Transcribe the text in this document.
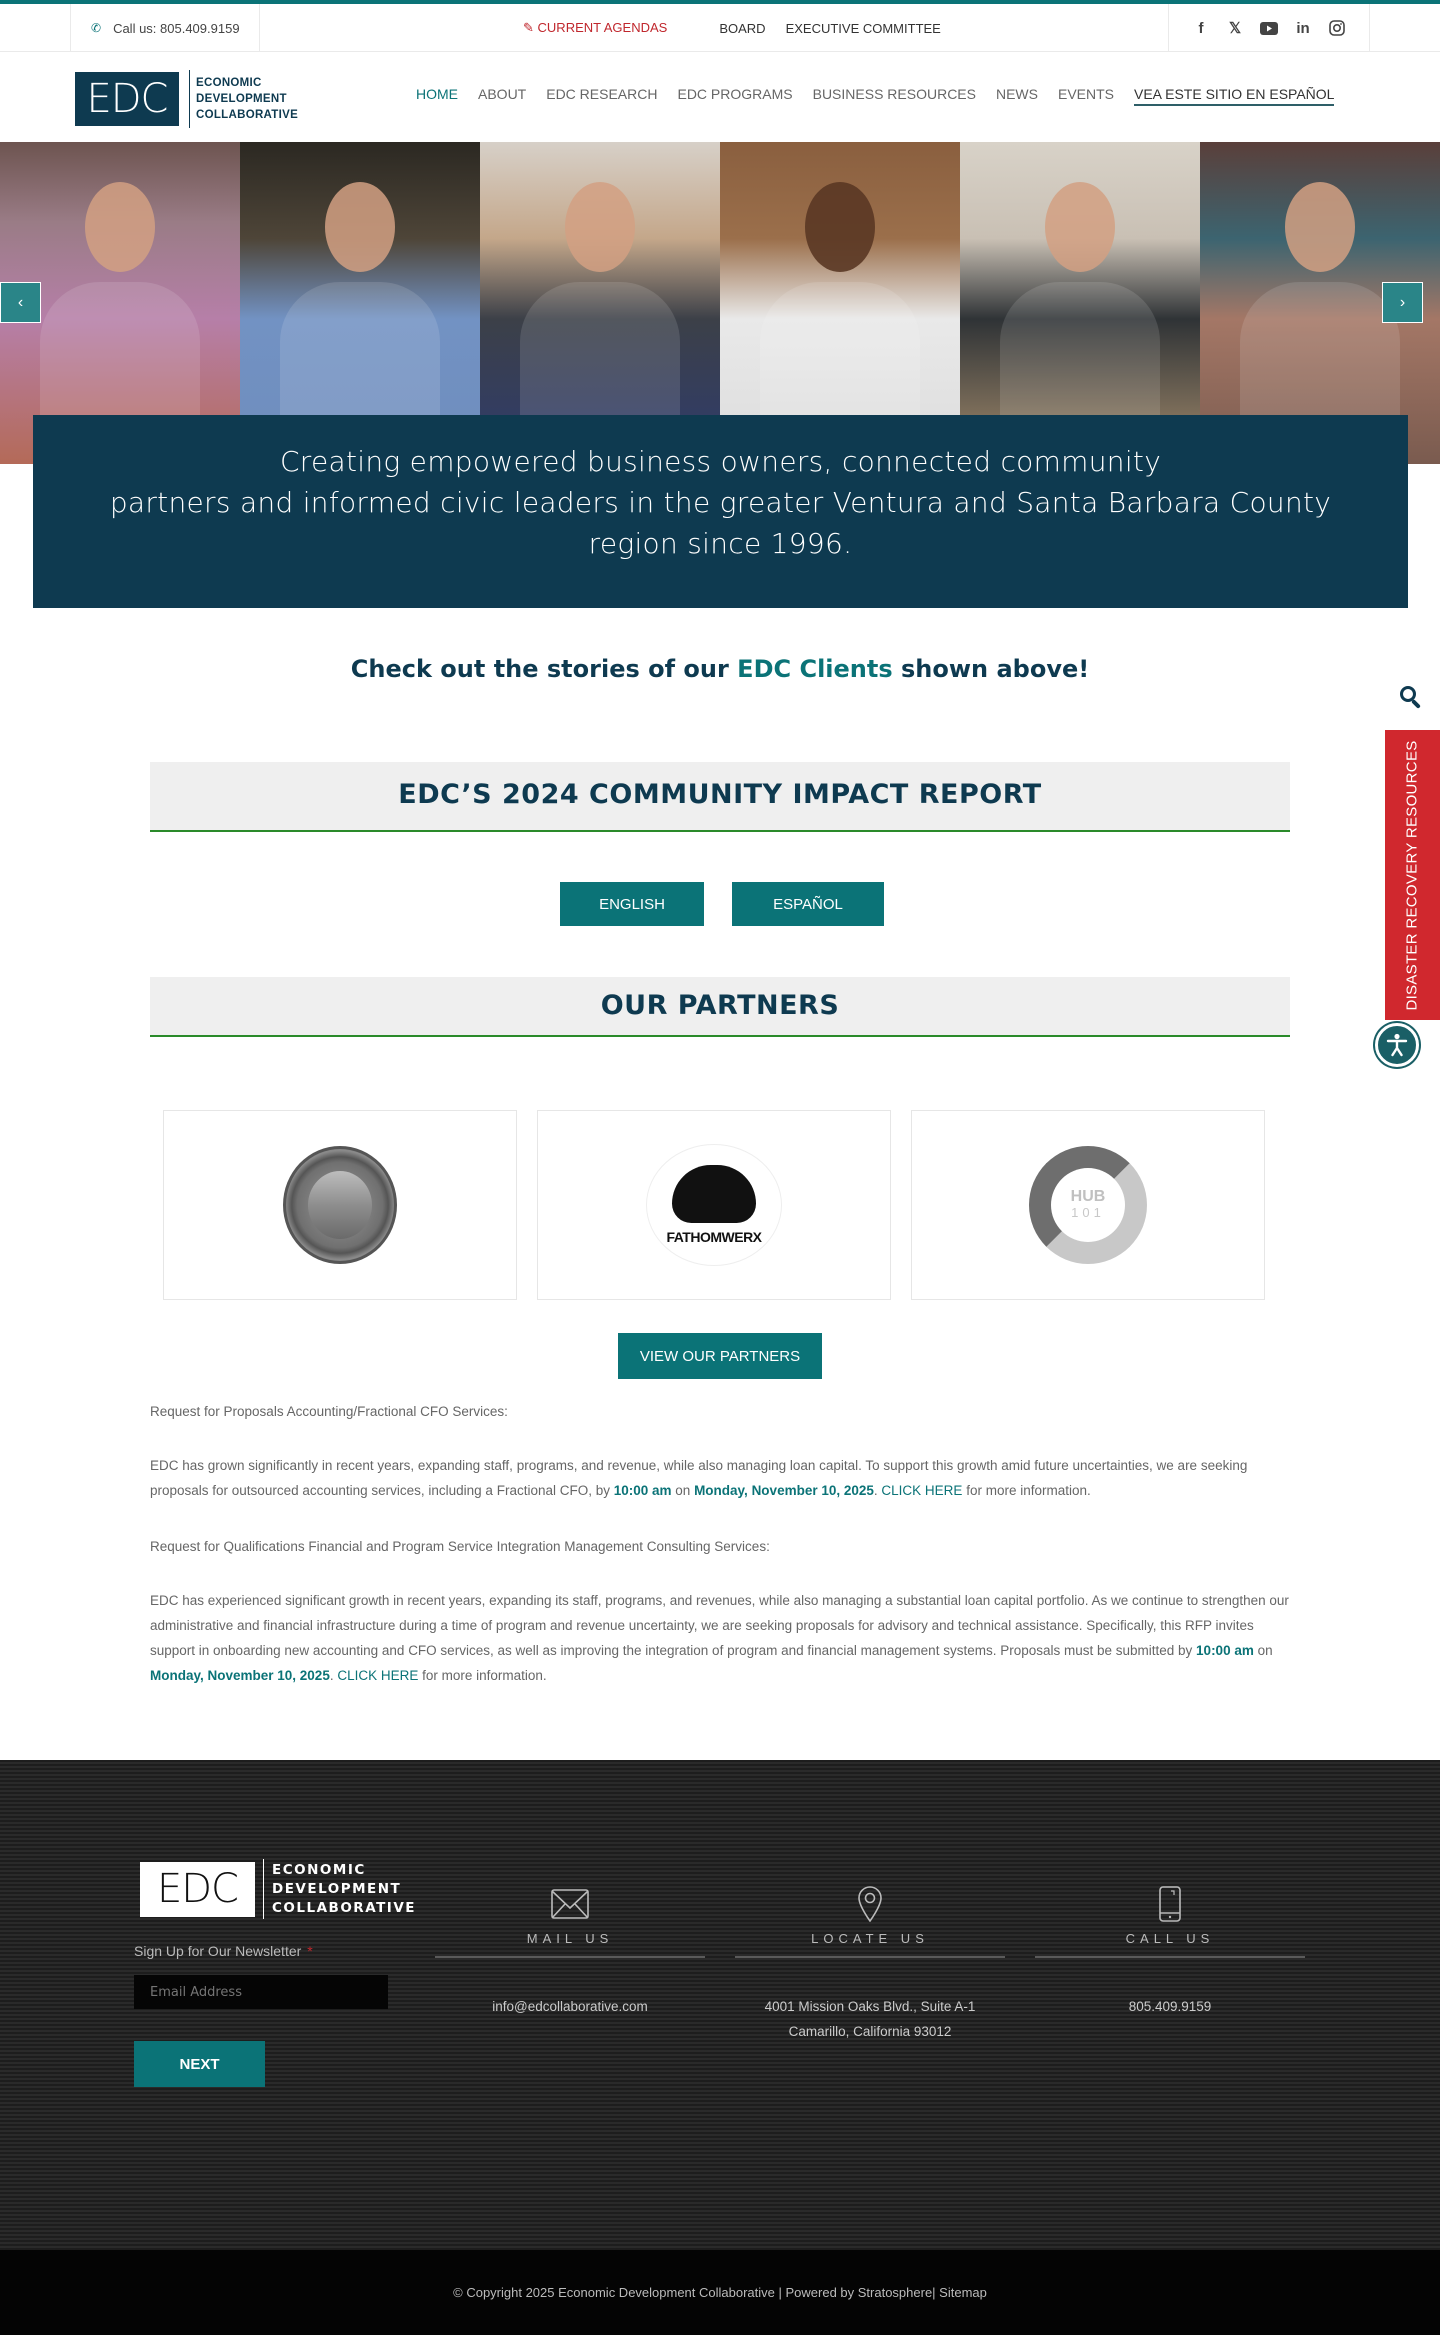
✆ Call us: 805.409.9159	✎ CURRENT AGENDAS	BOARD EXECUTIVE COMMITTEE	f	𝕏	in
EDC	ECONOMIC
DEVELOPMENT
COLLABORATIVE
HOME ABOUT EDC RESEARCH EDC PROGRAMS BUSINESS RESOURCES NEWS EVENTS VEA ESTE SITIO EN ESPAÑOL
‹	›
Creating empowered business owners, connected community
partners and informed civic leaders in the greater Ventura and Santa Barbara County
region since 1996.
Check out the stories of our EDC Clients shown above!
EDC’S 2024 COMMUNITY IMPACT REPORT
ENGLISH	ESPAÑOL
OUR PARTNERS
FATHOMWERX
HUB
101
VIEW OUR PARTNERS
Request for Proposals Accounting/Fractional CFO Services:
EDC has grown significantly in recent years, expanding staff, programs, and revenue, while also managing loan capital. To support this growth amid future uncertainties, we are seeking proposals for outsourced accounting services, including a Fractional CFO, by 10:00 am on Monday, November 10, 2025. CLICK HERE for more information.
Request for Qualifications Financial and Program Service Integration Management Consulting Services:
EDC has experienced significant growth in recent years, expanding its staff, programs, and revenues, while also managing a substantial loan capital portfolio. As we continue to strengthen our administrative and financial infrastructure during a time of program and revenue uncertainty, we are seeking proposals for advisory and technical assistance. Specifically, this RFP invites support in onboarding new accounting and CFO services, as well as improving the integration of program and financial management systems. Proposals must be submitted by 10:00 am on Monday, November 10, 2025. CLICK HERE for more information.
DISASTER RECOVERY RESOURCES
EDC	ECONOMIC
DEVELOPMENT
COLLABORATIVE
Sign Up for Our Newsletter *
Email Address
NEXT
MAIL US
info@edcollaborative.com
LOCATE US
4001 Mission Oaks Blvd., Suite A-1
Camarillo, California 93012
CALL US
805.409.9159
© Copyright 2025 Economic Development Collaborative | Powered by Stratosphere| Sitemap
